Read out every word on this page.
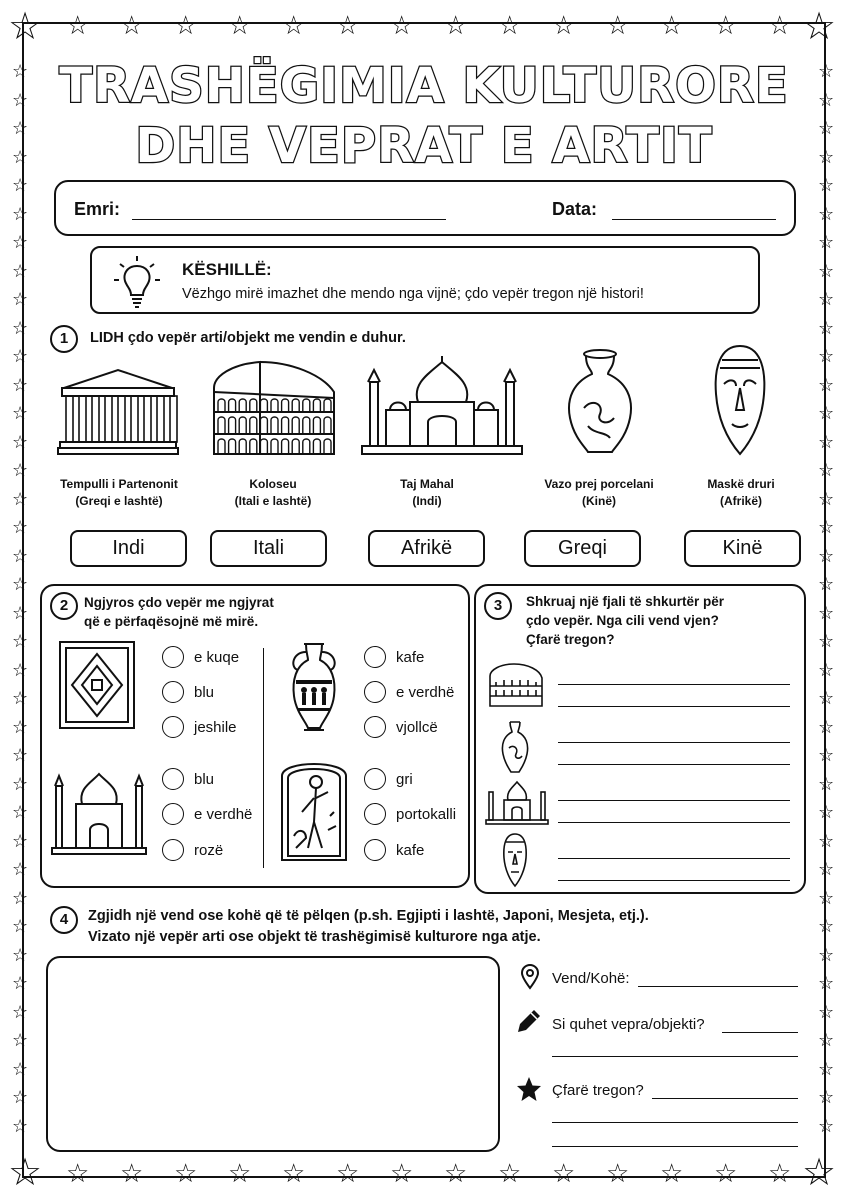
☆	☆
☆	☆
☆
☆
☆
☆
☆
☆
☆
☆
☆
☆
☆
☆
☆
☆
☆
☆
☆
☆
☆
☆
☆
☆
☆
☆
☆
☆
☆
☆
☆	☆
☆	☆
☆	☆
☆	☆
☆	☆
☆	☆
☆	☆
☆	☆
☆	☆
☆	☆
☆	☆
☆	☆
☆	☆
☆	☆
☆	☆
☆	☆
☆	☆
☆	☆
☆	☆
☆	☆
☆	☆
☆	☆
☆	☆
☆	☆
☆	☆
☆	☆
☆	☆
☆	☆
☆	☆
☆	☆
☆	☆
☆	☆
☆	☆
☆	☆
☆	☆
☆	☆
☆	☆
☆	☆
TRASHËGIMIA KULTURORE
DHE VEPRAT E ARTIT
Emri:	Data:
KËSHILLË:
Vëzhgo mirë imazhet dhe mendo nga vijnë; çdo vepër tregon një histori!
1	LIDH çdo vepër arti/objekt me vendin e duhur.
Tempulli i Partenonit
(Greqi e lashtë)
Koloseu
(Itali e lashtë)
Taj Mahal
(Indi)
Vazo prej porcelani
(Kinë)
Maskë druri
(Afrikë)
Indi	Itali	Afrikë	Greqi	Kinë
2	Ngjyros çdo vepër me ngjyrat
që e përfaqësojnë më mirë.
e kuqe
blu
jeshile
kafe
e verdhë
vjollcë
blu
e verdhë
rozë
gri
portokalli
kafe
3	Shkruaj një fjali të shkurtër për
çdo vepër. Nga cili vend vjen?
Çfarë tregon?
4	Zgjidh një vend ose kohë që të pëlqen (p.sh. Egjipti i lashtë, Japoni, Mesjeta, etj.).
Vizato një vepër arti ose objekt të trashëgimisë kulturore nga atje.
Vend/Kohë:
Si quhet vepra/objekti?
Çfarë tregon?
